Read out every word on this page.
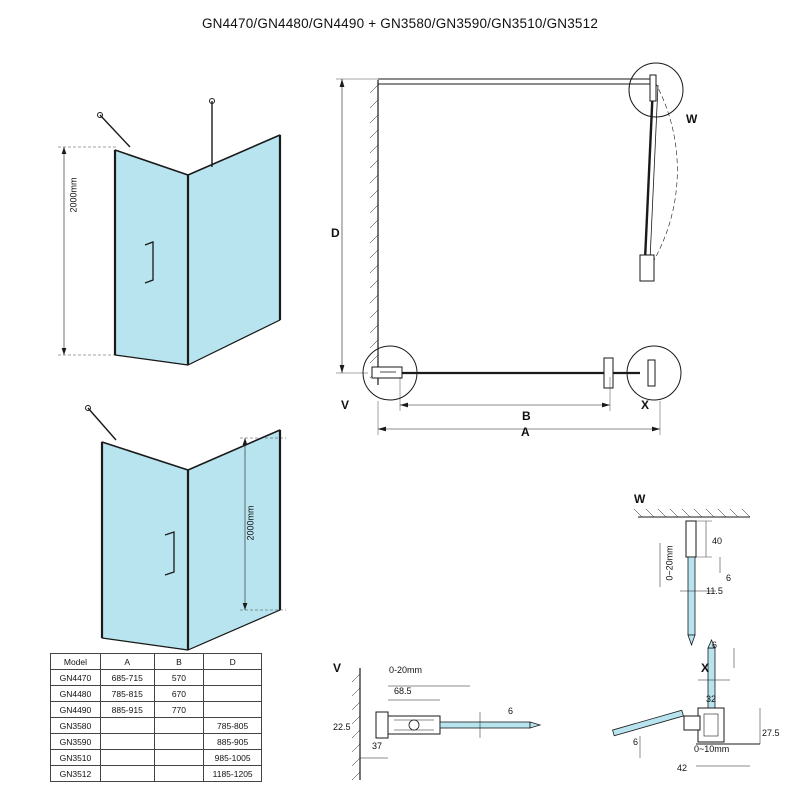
GN4470/GN4480/GN4490 + GN3580/GN3590/GN3510/GN3512
2000mm
2000mm
D
W
V	X
B
A
W
40
0~20mm	6
11.5
V	0-20mm
68.5
6
22.5
37
X
6
32
6
27.5
0~10mm
42
Model	A	B	D
GN4470	685-715	570	
GN4480	785-815	670	
GN4490	885-915	770	
GN3580			785-805
GN3590			885-905
GN3510			985-1005
GN3512			1185-1205
